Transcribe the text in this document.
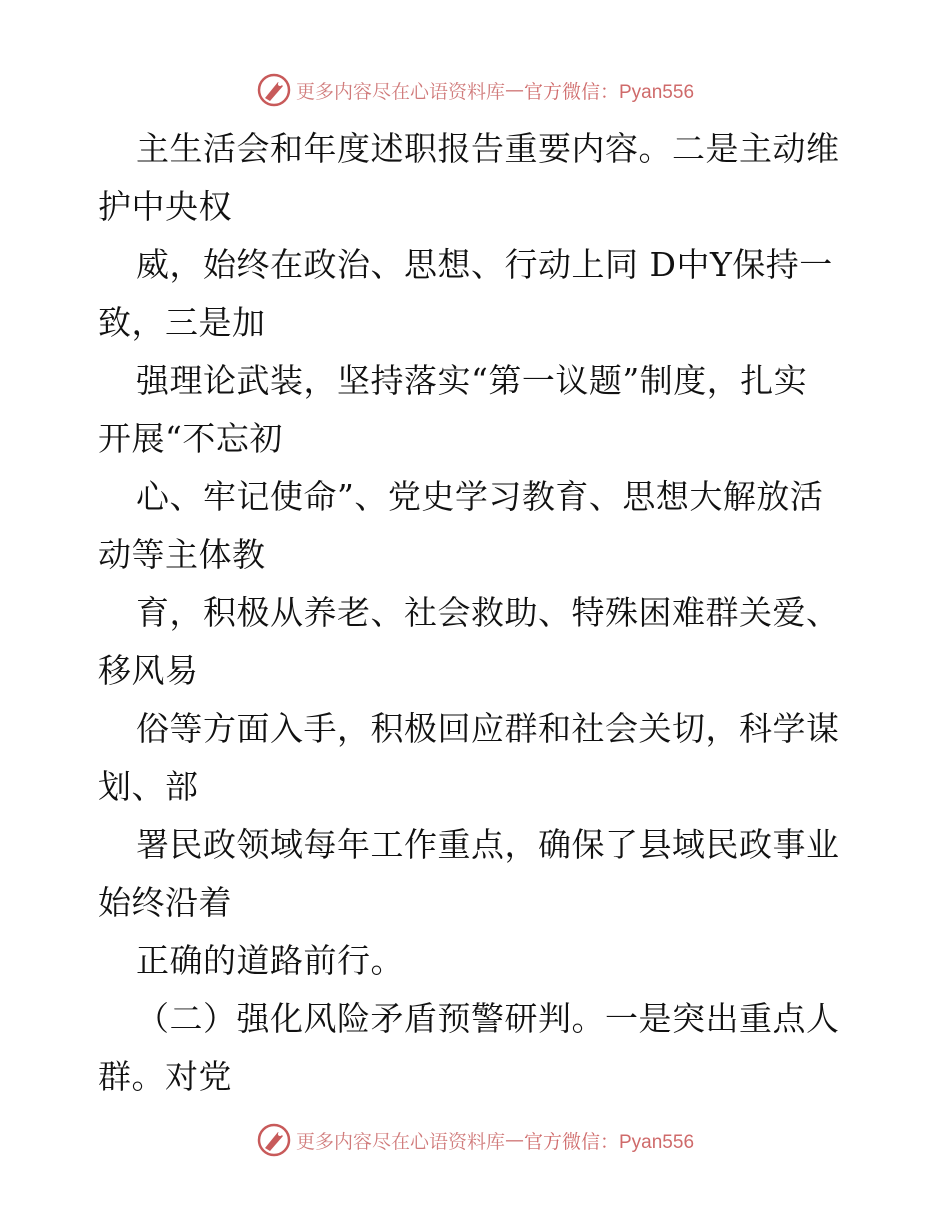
更多内容尽在心语资料库 — 官方微信：Pyan556
主生活会和年度述职报告重要内容。二是主动维
护中央权
威，始终在政治、思想、行动上同 D中Y保持一
致，三是加
强理论武装，坚持落实“第一议题”制度，扎实
开展“不忘初
心、牢记使命”、党史学习教育、思想大解放活
动等主体教
育，积极从养老、社会救助、特殊困难群关爱、
移风易
俗等方面入手，积极回应群和社会关切，科学谋
划、部
署民政领域每年工作重点，确保了县域民政事业
始终沿着
正确的道路前行。
（二）强化风险矛盾预警研判。一是突出重点人
群。对党
更多内容尽在心语资料库 — 官方微信：Pyan556
